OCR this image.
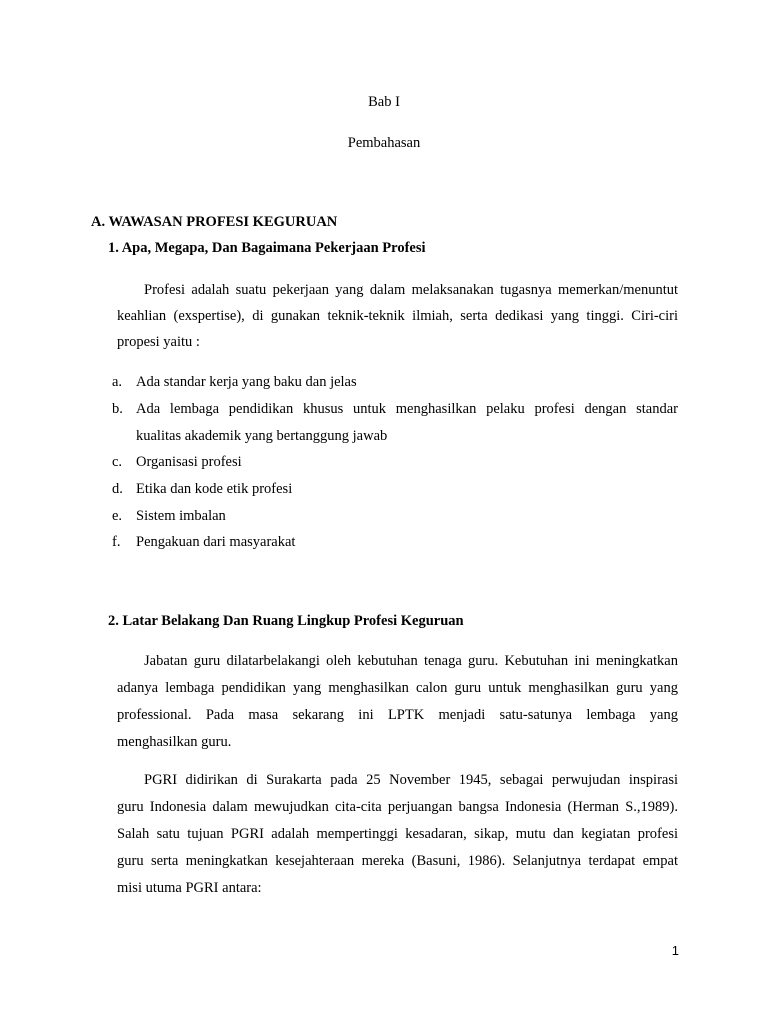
Bab I
Pembahasan
A. WAWASAN PROFESI KEGURUAN
1. Apa, Megapa, Dan Bagaimana Pekerjaan Profesi
Profesi adalah suatu pekerjaan yang dalam melaksanakan tugasnya memerkan/menuntut
keahlian (exspertise), di gunakan teknik-teknik ilmiah, serta dedikasi yang tinggi. Ciri-ciri
propesi yaitu :
a. Ada standar kerja yang baku dan jelas
b. Ada lembaga pendidikan khusus untuk menghasilkan pelaku profesi dengan standar
kualitas akademik yang bertanggung jawab
c. Organisasi profesi
d. Etika dan kode etik profesi
e. Sistem imbalan
f. Pengakuan dari masyarakat
2. Latar Belakang Dan Ruang Lingkup Profesi Keguruan
Jabatan guru dilatarbelakangi oleh kebutuhan tenaga guru. Kebutuhan ini meningkatkan
adanya lembaga pendidikan yang menghasilkan calon guru untuk menghasilkan guru yang
professional. Pada masa sekarang ini LPTK menjadi satu-satunya lembaga yang
menghasilkan guru.
PGRI didirikan di Surakarta pada 25 November 1945, sebagai perwujudan inspirasi
guru Indonesia dalam mewujudkan cita-cita perjuangan bangsa Indonesia (Herman S.,1989).
Salah satu tujuan PGRI adalah mempertinggi kesadaran, sikap, mutu dan kegiatan profesi
guru serta meningkatkan kesejahteraan mereka (Basuni, 1986). Selanjutnya terdapat empat
misi utuma PGRI antara:
1
